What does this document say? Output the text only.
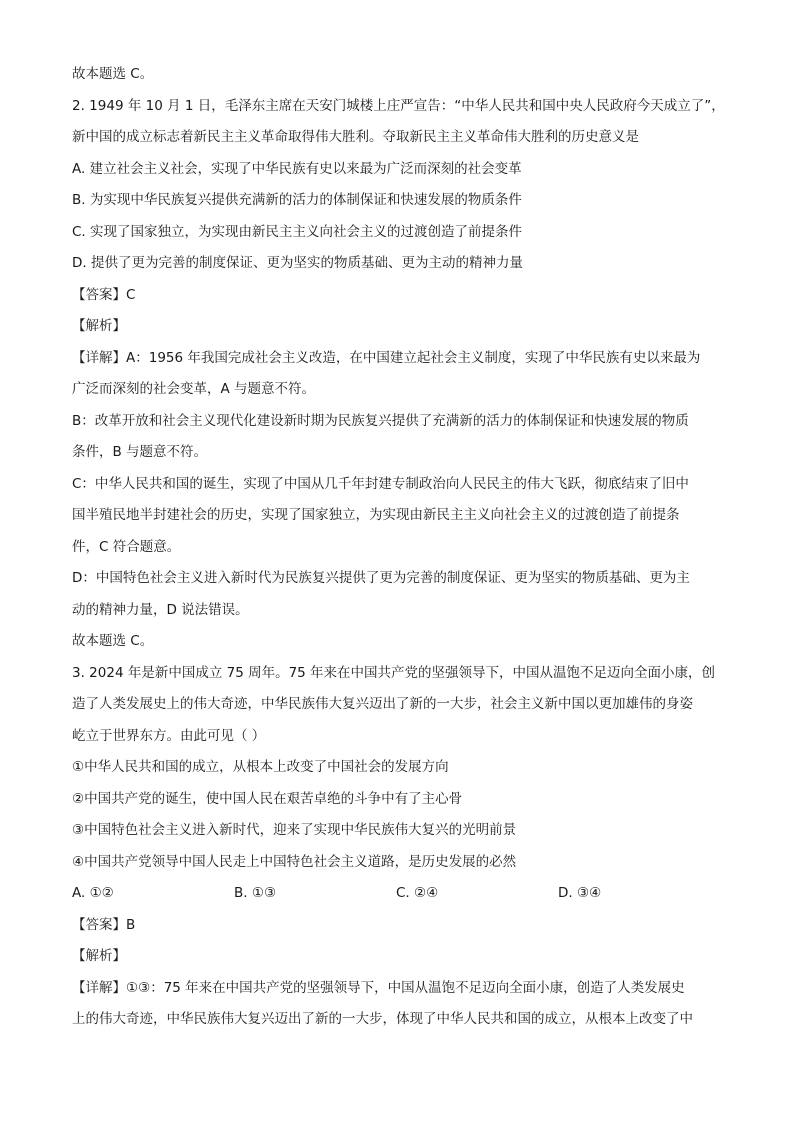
故本题选 C。
2. 1949 年 10 月 1 日，毛泽东主席在天安门城楼上庄严宣告：“中华人民共和国中央人民政府今天成立了”，
新中国的成立标志着新民主主义革命取得伟大胜利。夺取新民主主义革命伟大胜利的历史意义是
A. 建立社会主义社会，实现了中华民族有史以来最为广泛而深刻的社会变革
B. 为实现中华民族复兴提供充满新的活力的体制保证和快速发展的物质条件
C. 实现了国家独立，为实现由新民主主义向社会主义的过渡创造了前提条件
D. 提供了更为完善的制度保证、更为坚实的物质基础、更为主动的精神力量
【答案】C
【解析】
【详解】A：1956 年我国完成社会主义改造，在中国建立起社会主义制度，实现了中华民族有史以来最为
广泛而深刻的社会变革，A 与题意不符。
B：改革开放和社会主义现代化建设新时期为民族复兴提供了充满新的活力的体制保证和快速发展的物质
条件，B 与题意不符。
C：中华人民共和国的诞生，实现了中国从几千年封建专制政治向人民民主的伟大飞跃，彻底结束了旧中
国半殖民地半封建社会的历史，实现了国家独立，为实现由新民主主义向社会主义的过渡创造了前提条
件，C 符合题意。
D：中国特色社会主义进入新时代为民族复兴提供了更为完善的制度保证、更为坚实的物质基础、更为主
动的精神力量，D 说法错误。
故本题选 C。
3. 2024 年是新中国成立 75 周年。75 年来在中国共产党的坚强领导下，中国从温饱不足迈向全面小康，创
造了人类发展史上的伟大奇迹，中华民族伟大复兴迈出了新的一大步，社会主义新中国以更加雄伟的身姿
屹立于世界东方。由此可见（ ）
①中华人民共和国的成立，从根本上改变了中国社会的发展方向
②中国共产党的诞生，使中国人民在艰苦卓绝的斗争中有了主心骨
③中国特色社会主义进入新时代，迎来了实现中华民族伟大复兴的光明前景
④中国共产党领导中国人民走上中国特色社会主义道路，是历史发展的必然
A. ①②	B. ①③	C. ②④	D. ③④
【答案】B
【解析】
【详解】①③：75 年来在中国共产党的坚强领导下，中国从温饱不足迈向全面小康，创造了人类发展史
上的伟大奇迹，中华民族伟大复兴迈出了新的一大步，体现了中华人民共和国的成立，从根本上改变了中
